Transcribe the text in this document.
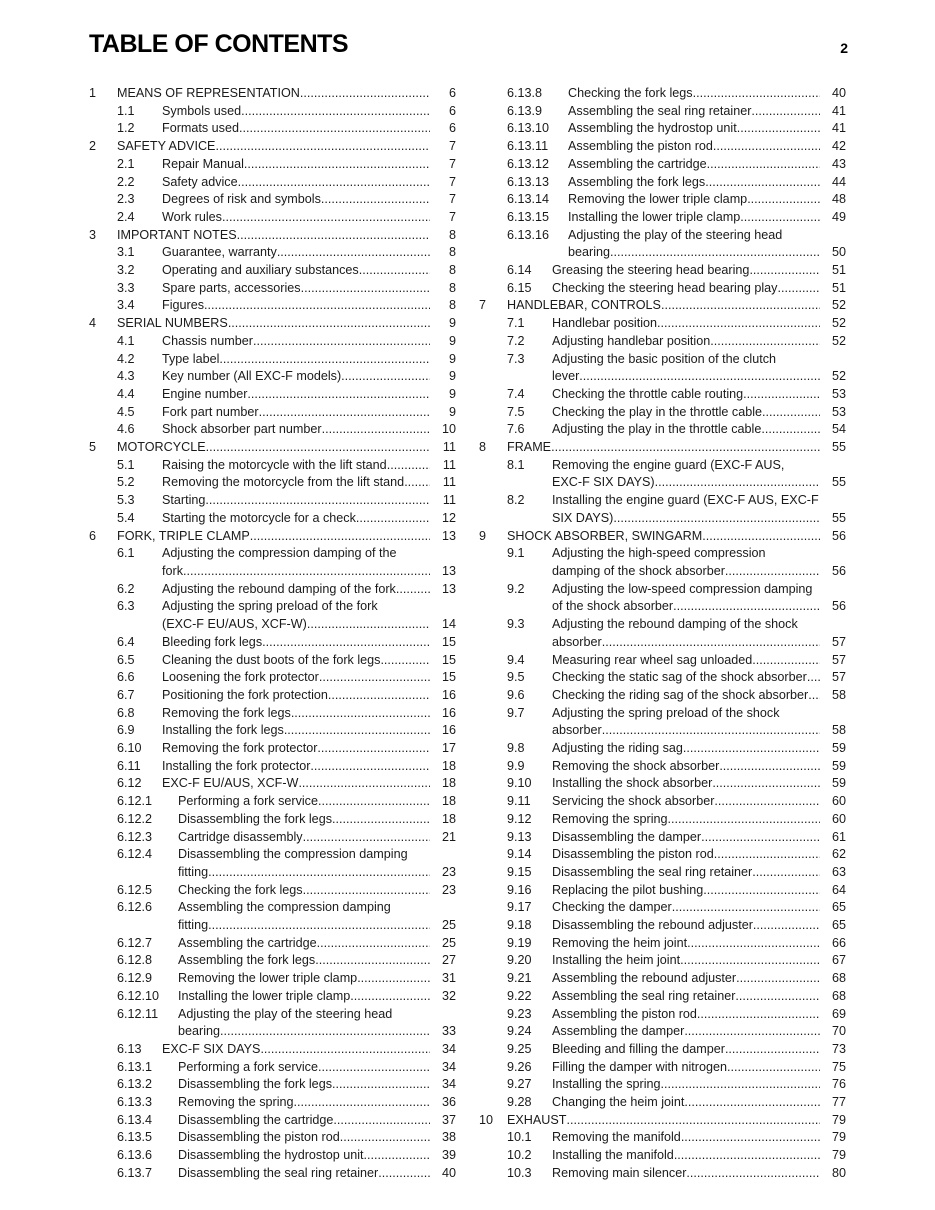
TABLE OF CONTENTS	2
1 MEANS OF REPRESENTATION .....	6
1.1 Symbols used .....	6
1.2 Formats used .....	6
2 SAFETY ADVICE .....	7
2.1 Repair Manual .....	7
2.2 Safety advice .....	7
2.3 Degrees of risk and symbols .....	7
2.4 Work rules .....	7
3 IMPORTANT NOTES .....	8
3.1 Guarantee, warranty .....	8
3.2 Operating and auxiliary substances .....	8
3.3 Spare parts, accessories .....	8
3.4 Figures .....	8
4 SERIAL NUMBERS .....	9
4.1 Chassis number .....	9
4.2 Type label .....	9
4.3 Key number (All EXC-F models) .....	9
4.4 Engine number .....	9
4.5 Fork part number .....	9
4.6 Shock absorber part number .....	10
5 MOTORCYCLE .....	11
5.1 Raising the motorcycle with the lift stand .....	11
5.2 Removing the motorcycle from the lift stand .....	11
5.3 Starting .....	11
5.4 Starting the motorcycle for a check .....	12
6 FORK, TRIPLE CLAMP .....	13
6.1 Adjusting the compression damping of the
fork .....	13
6.2 Adjusting the rebound damping of the fork .....	13
6.3 Adjusting the spring preload of the fork
(EXC-F EU/AUS, XCF-W) .....	14
6.4 Bleeding fork legs .....	15
6.5 Cleaning the dust boots of the fork legs .....	15
6.6 Loosening the fork protector .....	15
6.7 Positioning the fork protection .....	16
6.8 Removing the fork legs .....	16
6.9 Installing the fork legs .....	16
6.10 Removing the fork protector .....	17
6.11 Installing the fork protector .....	18
6.12 EXC-F EU/AUS, XCF-W .....	18
6.12.1 Performing a fork service .....	18
6.12.2 Disassembling the fork legs .....	18
6.12.3 Cartridge disassembly .....	21
6.12.4 Disassembling the compression damping
fitting .....	23
6.12.5 Checking the fork legs .....	23
6.12.6 Assembling the compression damping
fitting .....	25
6.12.7 Assembling the cartridge .....	25
6.12.8 Assembling the fork legs .....	27
6.12.9 Removing the lower triple clamp .....	31
6.12.10 Installing the lower triple clamp .....	32
6.12.11 Adjusting the play of the steering head
bearing .....	33
6.13 EXC-F SIX DAYS .....	34
6.13.1 Performing a fork service .....	34
6.13.2 Disassembling the fork legs .....	34
6.13.3 Removing the spring .....	36
6.13.4 Disassembling the cartridge .....	37
6.13.5 Disassembling the piston rod .....	38
6.13.6 Disassembling the hydrostop unit .....	39
6.13.7 Disassembling the seal ring retainer .....	40
6.13.8 Checking the fork legs .....	40
6.13.9 Assembling the seal ring retainer .....	41
6.13.10 Assembling the hydrostop unit .....	41
6.13.11 Assembling the piston rod .....	42
6.13.12 Assembling the cartridge .....	43
6.13.13 Assembling the fork legs .....	44
6.13.14 Removing the lower triple clamp .....	48
6.13.15 Installing the lower triple clamp .....	49
6.13.16 Adjusting the play of the steering head
bearing .....	50
6.14 Greasing the steering head bearing .....	51
6.15 Checking the steering head bearing play .....	51
7 HANDLEBAR, CONTROLS .....	52
7.1 Handlebar position .....	52
7.2 Adjusting handlebar position .....	52
7.3 Adjusting the basic position of the clutch
lever .....	52
7.4 Checking the throttle cable routing .....	53
7.5 Checking the play in the throttle cable .....	53
7.6 Adjusting the play in the throttle cable .....	54
8 FRAME .....	55
8.1 Removing the engine guard (EXC-F AUS,
EXC-F SIX DAYS) .....	55
8.2 Installing the engine guard (EXC-F AUS, EXC-F
SIX DAYS) .....	55
9 SHOCK ABSORBER, SWINGARM .....	56
9.1 Adjusting the high-speed compression
damping of the shock absorber .....	56
9.2 Adjusting the low-speed compression damping
of the shock absorber .....	56
9.3 Adjusting the rebound damping of the shock
absorber .....	57
9.4 Measuring rear wheel sag unloaded .....	57
9.5 Checking the static sag of the shock absorber ..... 57
9.6 Checking the riding sag of the shock absorber ..... 58
9.7 Adjusting the spring preload of the shock
absorber .....	58
9.8 Adjusting the riding sag .....	59
9.9 Removing the shock absorber .....	59
9.10 Installing the shock absorber .....	59
9.11 Servicing the shock absorber .....	60
9.12 Removing the spring .....	60
9.13 Disassembling the damper .....	61
9.14 Disassembling the piston rod .....	62
9.15 Disassembling the seal ring retainer .....	63
9.16 Replacing the pilot bushing .....	64
9.17 Checking the damper .....	65
9.18 Disassembling the rebound adjuster .....	65
9.19 Removing the heim joint .....	66
9.20 Installing the heim joint .....	67
9.21 Assembling the rebound adjuster .....	68
9.22 Assembling the seal ring retainer .....	68
9.23 Assembling the piston rod .....	69
9.24 Assembling the damper .....	70
9.25 Bleeding and filling the damper .....	73
9.26 Filling the damper with nitrogen .....	75
9.27 Installing the spring .....	76
9.28 Changing the heim joint .....	77
10 EXHAUST .....	79
10.1 Removing the manifold .....	79
10.2 Installing the manifold .....	79
10.3 Removing main silencer .....	80
